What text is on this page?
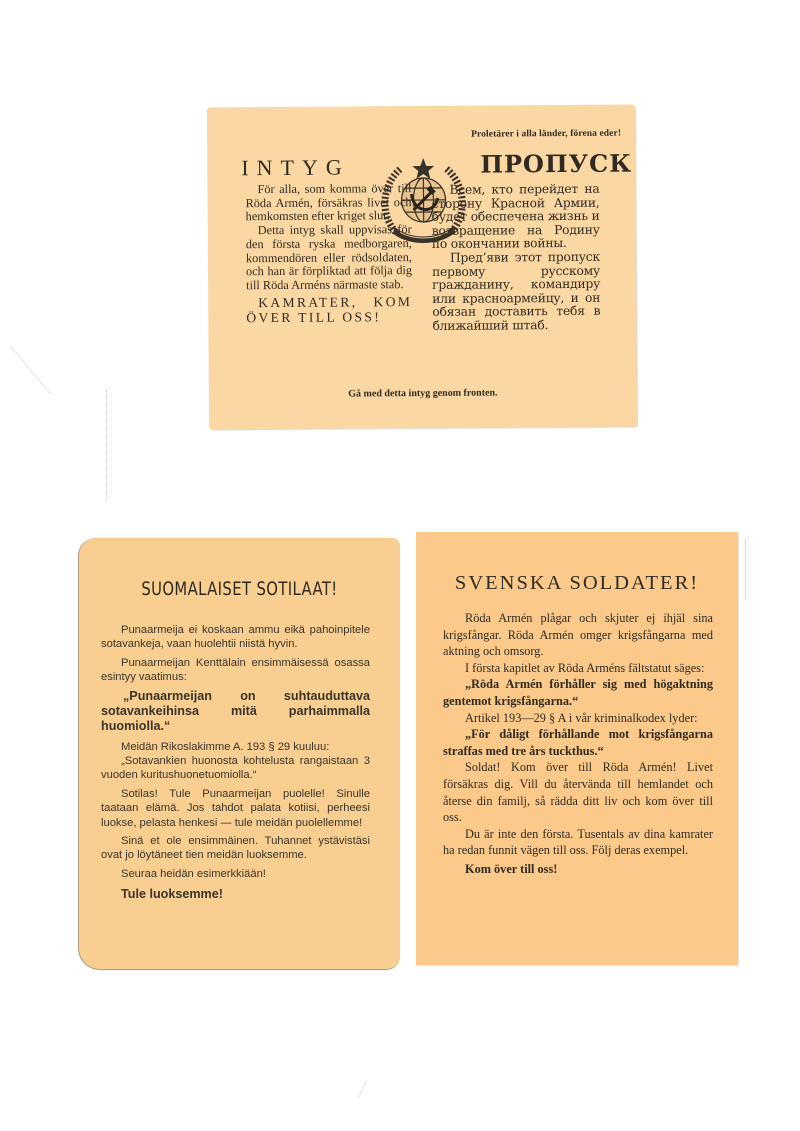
Proletärer i alla länder, förena eder!
INTYG	ПРОПУСК

För alla, som komma över till Röda Armén, försäkras livet och hemkomsten efter kriget slut.

Detta intyg skall uppvisas för den första ryska medborgaren, kommendören eller rödsoldaten, och han är förpliktad att följa dig till Röda Arméns närmaste stab.

KAMRATER, KOM ÖVER TILL OSS!

Всем, кто перейдет на сторону Красной Армии, будет обеспечена жизнь и возвращение на Родину по окончании войны.

Пред’яви этот пропуск первому русскому гражданину, командиру или красноармейцу, и он обязан доставить тебя в ближайший штаб.

Gå med detta intyg genom fronten.
SUOMALAISET SOTILAAT!

Punaarmeija ei koskaan ammu eikä pahoinpitele sotavankeja, vaan huolehtii niistä hyvin.

Punaarmeijan Kenttälain ensimmäisessä osassa esintyy vaatimus:

„Punaarmeijan on suhtauduttava sotavankeihinsa mitä parhaimmalla huomiolla.“

Meidän Rikoslakimme A. 193 § 29 kuuluu:

„Sotavankien huonosta kohtelusta rangaistaan 3 vuoden kuritushuonetuomiolla.“

Sotilas! Tule Punaarmeijan puolelle! Sinulle taataan elämä. Jos tahdot palata kotiisi, perheesi luokse, pelasta henkesi — tule meidän puolellemme!

Sinä et ole ensimmäinen. Tuhannet ystävistäsi ovat jo löytäneet tien meidän luoksemme.

Seuraa heidän esimerkkiään!

Tule luoksemme!

SVENSKA SOLDATER!

Röda Armén plågar och skjuter ej ihjäl sina krigsfångar. Röda Armén omger krigsfångarna med aktning och omsorg.

I första kapitlet av Röda Arméns fältstatut säges:

„Röda Armén förhåller sig med högaktning gentemot krigsfångarna.“

Artikel 193—29 § A i vår kriminalkodex lyder:

„För dåligt förhållande mot krigsfångarna straffas med tre års tuckthus.“

Soldat! Kom över till Röda Armén! Livet försäkras dig. Vill du återvända till hemlandet och återse din familj, så rädda ditt liv och kom över till oss.

Du är inte den första. Tusentals av dina kamrater ha redan funnit vägen till oss. Följ deras exempel.

Kom över till oss!
